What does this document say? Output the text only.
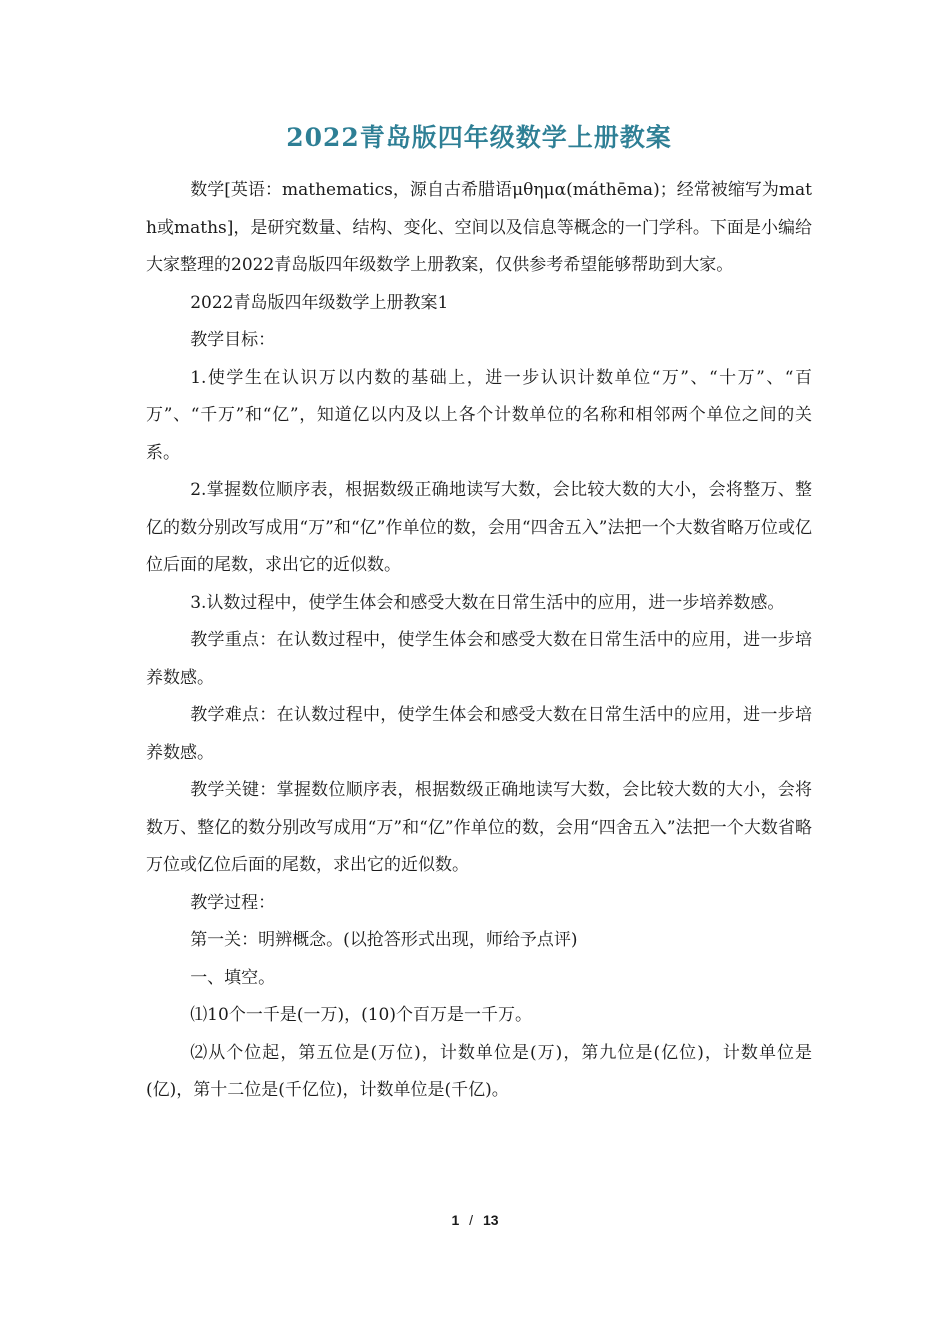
2022青岛版四年级数学上册教案

数学[英语：mathematics，源自古希腊语μθημα(máthēma)；经常被缩写为math或maths]，是研究数量、结构、变化、空间以及信息等概念的一门学科。下面是小编给大家整理的2022青岛版四年级数学上册教案，仅供参考希望能够帮助到大家。

2022青岛版四年级数学上册教案1

教学目标：

1.使学生在认识万以内数的基础上，进一步认识计数单位“万”、“十万”、“百万”、“千万”和“亿”，知道亿以内及以上各个计数单位的名称和相邻两个单位之间的关系。

2.掌握数位顺序表，根据数级正确地读写大数，会比较大数的大小，会将整万、整亿的数分别改写成用“万”和“亿”作单位的数，会用“四舍五入”法把一个大数省略万位或亿位后面的尾数，求出它的近似数。

3.认数过程中，使学生体会和感受大数在日常生活中的应用，进一步培养数感。

教学重点：在认数过程中，使学生体会和感受大数在日常生活中的应用，进一步培养数感。

教学难点：在认数过程中，使学生体会和感受大数在日常生活中的应用，进一步培养数感。

教学关键：掌握数位顺序表，根据数级正确地读写大数，会比较大数的大小，会将数万、整亿的数分别改写成用“万”和“亿”作单位的数，会用“四舍五入”法把一个大数省略万位或亿位后面的尾数，求出它的近似数。

教学过程：

第一关：明辨概念。(以抢答形式出现，师给予点评)

一、填空。

⑴10个一千是(一万)，(10)个百万是一千万。

⑵从个位起，第五位是(万位)，计数单位是(万)，第九位是(亿位)，计数单位是(亿)，第十二位是(千亿位)，计数单位是(千亿)。

1 / 13
